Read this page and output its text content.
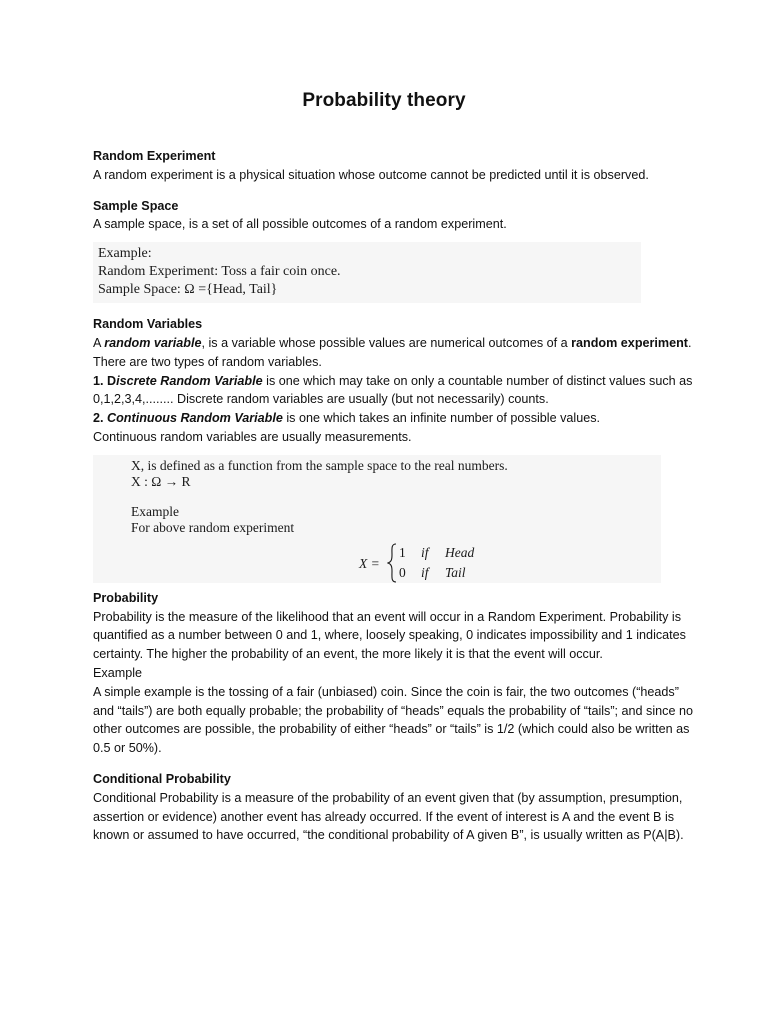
Probability theory
Random Experiment

A random experiment is a physical situation whose outcome cannot be predicted until it is observed.

Sample Space

A sample space, is a set of all possible outcomes of a random experiment.

Example:
Random Experiment: Toss a fair coin once.
Sample Space: Ω ={Head, Tail}
Random Variables

A random variable, is a variable whose possible values are numerical outcomes of a random experiment. There are two types of random variables.

1. Discrete Random Variable is one which may take on only a countable number of distinct values such as 0,1,2,3,4,........ Discrete random variables are usually (but not necessarily) counts.

2. Continuous Random Variable is one which takes an infinite number of possible values.

Continuous random variables are usually measurements.

X, is defined as a function from the sample space to the real numbers.
X : Ω → R
Example
For above random experiment
X =
1 if Head
0 if Tail
Probability

Probability is the measure of the likelihood that an event will occur in a Random Experiment. Probability is quantified as a number between 0 and 1, where, loosely speaking, 0 indicates impossibility and 1 indicates certainty. The higher the probability of an event, the more likely it is that the event will occur.

Example

A simple example is the tossing of a fair (unbiased) coin. Since the coin is fair, the two outcomes (“heads” and “tails”) are both equally probable; the probability of “heads” equals the probability of “tails”; and since no other outcomes are possible, the probability of either “heads” or “tails” is 1/2 (which could also be written as 0.5 or 50%).

Conditional Probability

Conditional Probability is a measure of the probability of an event given that (by assumption, presumption, assertion or evidence) another event has already occurred. If the event of interest is A and the event B is known or assumed to have occurred, “the conditional probability of A given B”, is usually written as P(A|B).
